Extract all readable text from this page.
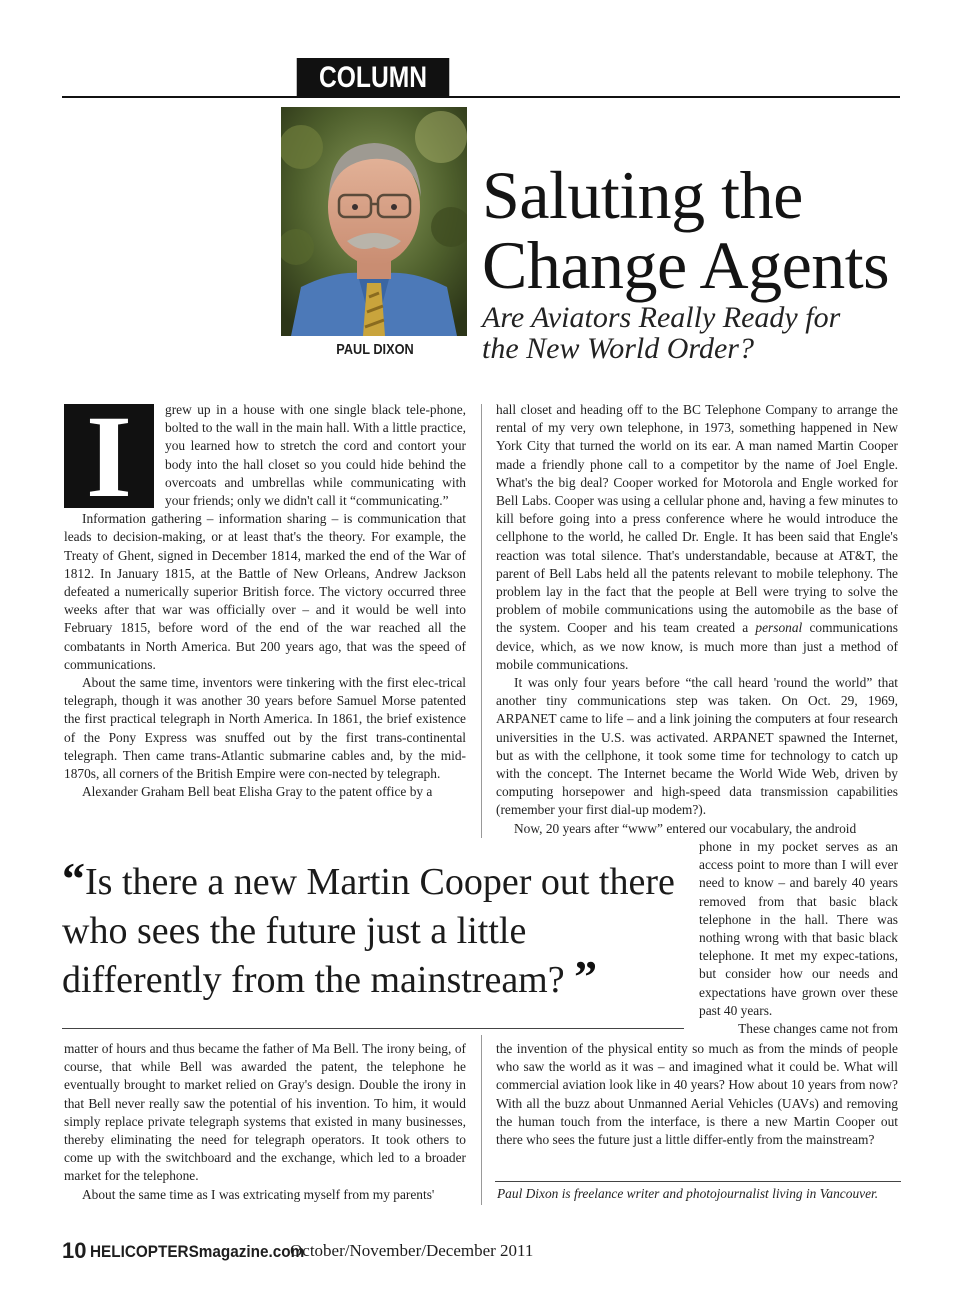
COLUMN
PAUL DIXON
Saluting the
Change Agents
Are Aviators Really Ready for
the New World Order?
I	grew up in a house with one single black tele-phone, bolted to the wall in the main hall. With a little practice, you learned how to stretch the cord and contort your body into the hall closet so you could hide behind the overcoats and umbrellas while communicating with your friends; only we didn't call it “communicating.”

Information gathering – information sharing – is communication that leads to decision-making, or at least that's the theory. For example, the Treaty of Ghent, signed in December 1814, marked the end of the War of 1812. In January 1815, at the Battle of New Orleans, Andrew Jackson defeated a numerically superior British force. The victory occurred three weeks after that war was officially over – and it would be well into February 1815, before word of the end of the war reached all the combatants in North America. But 200 years ago, that was the speed of communications.

About the same time, inventors were tinkering with the first elec-trical telegraph, though it was another 30 years before Samuel Morse patented the first practical telegraph in North America. In 1861, the brief existence of the Pony Express was snuffed out by the first trans-continental telegraph. Then came trans-Atlantic submarine cables and, by the mid-1870s, all corners of the British Empire were con-nected by telegraph.

Alexander Graham Bell beat Elisha Gray to the patent office by a

hall closet and heading off to the BC Telephone Company to arrange the rental of my very own telephone, in 1973, something happened in New York City that turned the world on its ear. A man named Martin Cooper made a friendly phone call to a competitor by the name of Joel Engle. What's the big deal? Cooper worked for Motorola and Engle worked for Bell Labs. Cooper was using a cellular phone and, having a few minutes to kill before going into a press conference where he would introduce the cellphone to the world, he called Dr. Engle. It has been said that Engle's reaction was total silence. That's understandable, because at AT&T, the parent of Bell Labs held all the patents relevant to mobile telephony. The problem lay in the fact that the people at Bell were trying to solve the problem of mobile communications using the automobile as the base of the system. Cooper and his team created a personal communications device, which, as we now know, is much more than just a method of mobile communications.

It was only four years before “the call heard 'round the world” that another tiny communications step was taken. On Oct. 29, 1969, ARPANET came to life – and a link joining the computers at four research universities in the U.S. was activated. ARPANET spawned the Internet, but as with the cellphone, it took some time for technology to catch up with the concept. The Internet became the World Wide Web, driven by computing horsepower and high-speed data transmission capabilities (remember your first dial-up modem?).

Now, 20 years after “www” entered our vocabulary, the android

phone in my pocket serves as an access point to more than I will ever need to know – and barely 40 years removed from that basic black telephone in the hall. There was nothing wrong with that basic black telephone. It met my expec-tations, but consider how our needs and expectations have grown over these past 40 years.

These changes came not from

“Is there a new Martin Cooper out there who sees the future just a little differently from the mainstream? ”

matter of hours and thus became the father of Ma Bell. The irony being, of course, that while Bell was awarded the patent, the telephone he eventually brought to market relied on Gray's design. Double the irony in that Bell never really saw the potential of his invention. To him, it would simply replace private telegraph systems that existed in many businesses, thereby eliminating the need for telegraph operators. It took others to come up with the switchboard and the exchange, which led to a broader market for the telephone.

About the same time as I was extricating myself from my parents'

the invention of the physical entity so much as from the minds of people who saw the world as it was – and imagined what it could be. What will commercial aviation look like in 40 years? How about 10 years from now? With all the buzz about Unmanned Aerial Vehicles (UAVs) and removing the human touch from the interface, is there a new Martin Cooper out there who sees the future just a little differ-ently from the mainstream?

Paul Dixon is freelance writer and photojournalist living in Vancouver.
10 HELICOPTERSmagazine.com
October/November/December 2011
